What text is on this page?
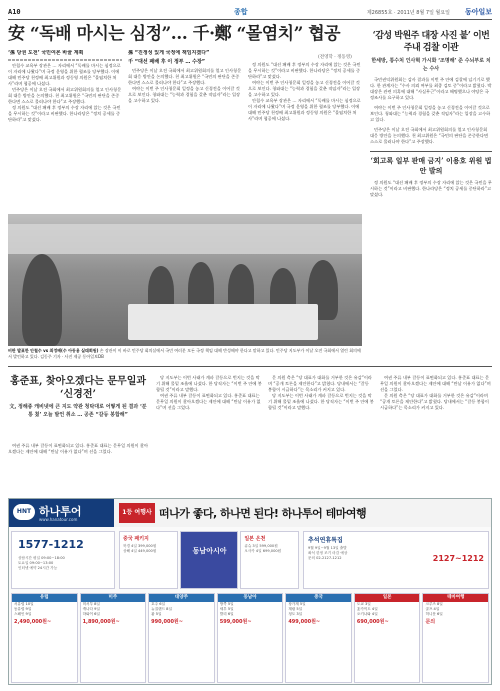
A10	종합	제26855호 · 2011년 8월 7일 월요일 동아일보
安 “독배 마시는 심정”… 千·鄭 “몰염치” 협공
(전영학 · 정동영)
‘孫 당권 도전’ 국민여론 바꿀 계획

안철수 교육부 장관은 … 자리에서 “독배를 마시는 심정으로 이 자리에 나왔다”며 국정 운영을 위한 협조를 당부했다. 이에 대해 민주당 천정배 최고위원과 정동영 의원은 “몰염치한 처사”라며 협공에 나섰다.

민주당은 이날 오전 국회에서 최고위원회의를 열고 인사청문회 대응 방안을 논의했다. 천 최고위원은 “국민의 판단을 존중한다면 스스로 물러나야 한다”고 주장했다.

정 의원도 “대선 패배 후 정부의 수장 자리에 앉는 것은 국민을 무시하는 것”이라고 비판했다. 한나라당은 “정치 공세를 중단하라”고 맞섰다.

孫 “진정성 있게 국정에 책임지겠다”
千 “대선 패배 후 이 정부 … 수장”

민주당은 이날 오전 국회에서 최고위원회의를 열고 인사청문회 대응 방안을 논의했다. 천 최고위원은 “국민의 판단을 존중한다면 스스로 물러나야 한다”고 주장했다.

여야는 이번 주 인사청문회 일정을 놓고 신경전을 이어갈 것으로 보인다. 청와대는 “능력과 경험을 갖춘 적임자”라는 입장을 고수하고 있다.

정 의원도 “대선 패배 후 정부의 수장 자리에 앉는 것은 국민을 무시하는 것”이라고 비판했다. 한나라당은 “정치 공세를 중단하라”고 맞섰다.

여야는 이번 주 인사청문회 일정을 놓고 신경전을 이어갈 것으로 보인다. 청와대는 “능력과 경험을 갖춘 적임자”라는 입장을 고수하고 있다.

안철수 교육부 장관은 … 자리에서 “독배를 마시는 심정으로 이 자리에 나왔다”며 국정 운영을 위한 협조를 당부했다. 이에 대해 민주당 천정배 최고위원과 정동영 의원은 “몰염치한 처사”라며 협공에 나섰다.

비판 발표한 안철수 vs 최정배(수 아동용 실태회원) 손 장관이 이 바로 민주당 회의실에서 국민 여러분 모든 국정 책임 대해 반성해야 한다고 말하고 있다. 민주당 지도부가 이날 오전 국회에서 열린 회의에서 발언하고 있다. 김동주 기자 · 사진 제공 동아일보DB
‘감성 박원주 대장 사진 붙’ 이번 주내 검찰 이관
한세방, 통수처 인사혁 가시화 ‘조명해’ 준 수뇌부로 치는 수사
국민권익위원회는 감사 결과를 이번 주 안에 검찰에 넘기기로 했다. 한 관계자는 “수사 의뢰 여부를 최종 검토 중”이라고 밝혔다. 박 대장은 관련 의혹에 대해 “사실무근”이라고 해명했으나 야당은 국정조사를 요구하고 있다.
여야는 이번 주 인사청문회 일정을 놓고 신경전을 이어갈 것으로 보인다. 청와대는 “능력과 경험을 갖춘 적임자”라는 입장을 고수하고 있다.
민주당은 이날 오전 국회에서 최고위원회의를 열고 인사청문회 대응 방안을 논의했다. 천 최고위원은 “국민의 판단을 존중한다면 스스로 물러나야 한다”고 주장했다.
‘회고록 일부 판매 금지’ 이용호 위원 법안 발의
정 의원도 “대선 패배 후 정부의 수장 자리에 앉는 것은 국민을 무시하는 것”이라고 비판했다. 한나라당은 “정치 공세를 중단하라”고 맞섰다.
홍준표, 찾아오겠다는 문무일과 ‘신경전’
文, 정해종 캐비넷에 큰 지도 약관 청탁대로 어떻게 된 결과 ‘분통 쳤’ 오늘 발언 취소 … 공존 “갈등 봉합해”

여권 주류 내부 갈등이 표면화되고 있다. 홍준표 대표는 문무일 의원이 찾아오겠다는 제안에 대해 “만날 이유가 없다”며 선을 그었다.

당 지도부는 이번 사태가 계파 갈등으로 번지는 것을 막기 위해 물밑 조율에 나섰다. 한 당직자는 “이번 주 안에 봉합될 것”이라고 말했다.

여권 주류 내부 갈등이 표면화되고 있다. 홍준표 대표는 문무일 의원이 찾아오겠다는 제안에 대해 “만날 이유가 없다”며 선을 그었다.

문 의원 측은 “당 대표가 대화를 거부한 것은 유감”이라며 “공개 토론을 제안한다”고 밝혔다. 당내에서는 “갈등 봉합이 시급하다”는 목소리가 커지고 있다.

당 지도부는 이번 사태가 계파 갈등으로 번지는 것을 막기 위해 물밑 조율에 나섰다. 한 당직자는 “이번 주 안에 봉합될 것”이라고 말했다.

여권 주류 내부 갈등이 표면화되고 있다. 홍준표 대표는 문무일 의원이 찾아오겠다는 제안에 대해 “만날 이유가 없다”며 선을 그었다.

문 의원 측은 “당 대표가 대화를 거부한 것은 유감”이라며 “공개 토론을 제안한다”고 밝혔다. 당내에서는 “갈등 봉합이 시급하다”는 목소리가 커지고 있다.

HNT 하나투어
www.hanatour.com
1등 여행사 떠나가 좋다, 하나면 된다! 하나투어 테마여행
1577-1212
상담시간 평일 09:00~18:00
토요일 09:00~13:00
인터넷 예약 24시간 가능
중국 패키지
북경 4일 399,000원
상해 4일 449,000원	동남아시아
일본 온천
큐슈 3일 599,000원
오사카 4일 699,000원
추석연휴특집
9월 9일~9월 13일 출발
좌석 한정 조기 마감 예상
문의 02-2127-1212	2127~1212
유럽
서유럽 10일
동유럽 9일
스페인 9일
2,490,000원~
미주
미서부 8일
캐나다 9일
하와이 6일
1,890,000원~
대양주
호주 6일
뉴질랜드 8일
괌 5일
990,000원~
동남아
방콕 5일
세부 5일
발리 6일
599,000원~
중국
장가계 5일
계림 5일
청도 3일
499,000원~
일본
도쿄 3일
홋카이도 4일
오키나와 4일
690,000원~
테마여행
크루즈 8일
골프 4일
허니문 6일
문의
